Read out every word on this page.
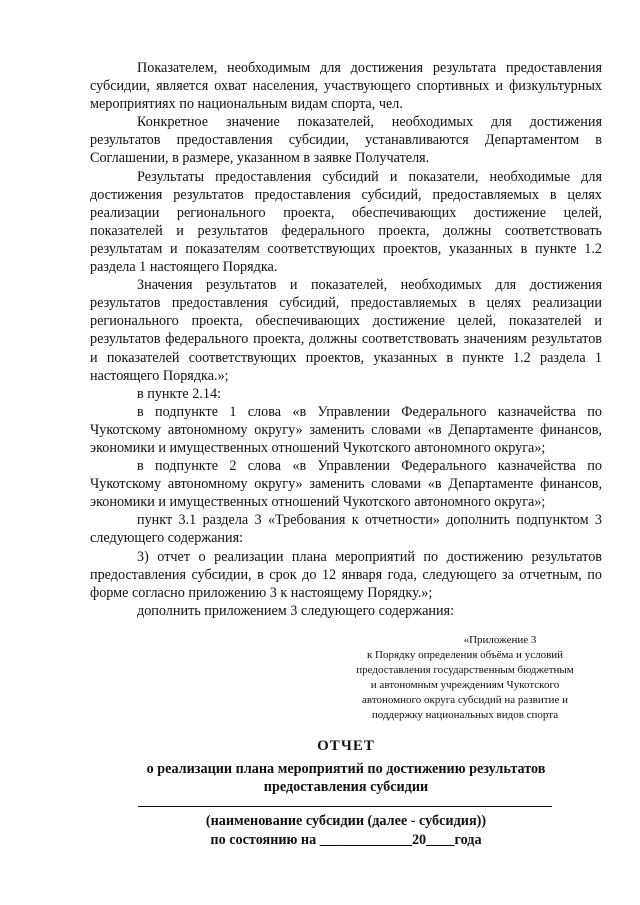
Показателем, необходимым для достижения результата предоставления субсидии, является охват населения, участвующего спортивных и физкультурных мероприятиях по национальным видам спорта, чел.

Конкретное значение показателей, необходимых для достижения результатов предоставления субсидии, устанавливаются Департаментом в Соглашении, в размере, указанном в заявке Получателя.

Результаты предоставления субсидий и показатели, необходимые для достижения результатов предоставления субсидий, предоставляемых в целях реализации регионального проекта, обеспечивающих достижение целей, показателей и результатов федерального проекта, должны соответствовать результатам и показателям соответствующих проектов, указанных в пункте 1.2 раздела 1 настоящего Порядка.

Значения результатов и показателей, необходимых для достижения результатов предоставления субсидий, предоставляемых в целях реализации регионального проекта, обеспечивающих достижение целей, показателей и результатов федерального проекта, должны соответствовать значениям результатов и показателей соответствующих проектов, указанных в пункте 1.2 раздела 1 настоящего Порядка.»;

в пункте 2.14:

в подпункте 1 слова «в Управлении Федерального казначейства по Чукотскому автономному округу» заменить словами «в Департаменте финансов, экономики и имущественных отношений Чукотского автономного округа»;

в подпункте 2 слова «в Управлении Федерального казначейства по Чукотскому автономному округу» заменить словами «в Департаменте финансов, экономики и имущественных отношений Чукотского автономного округа»;

пункт 3.1 раздела 3 «Требования к отчетности» дополнить подпунктом 3 следующего содержания:

3) отчет о реализации плана мероприятий по достижению результатов предоставления субсидии, в срок до 12 января года, следующего за отчетным, по форме согласно приложению 3 к настоящему Порядку.»;

дополнить приложением 3 следующего содержания:

«Приложение 3
к Порядку определения объёма и условий
предоставления государственным бюджетным
и автономным учреждениям Чукотского
автономного округа субсидий на развитие и
поддержку национальных видов спорта
ОТЧЕТ
о реализации плана мероприятий по достижению результатов
предоставления субсидии
(наименование субсидии (далее - субсидия))
по состоянию на _____________20____года
